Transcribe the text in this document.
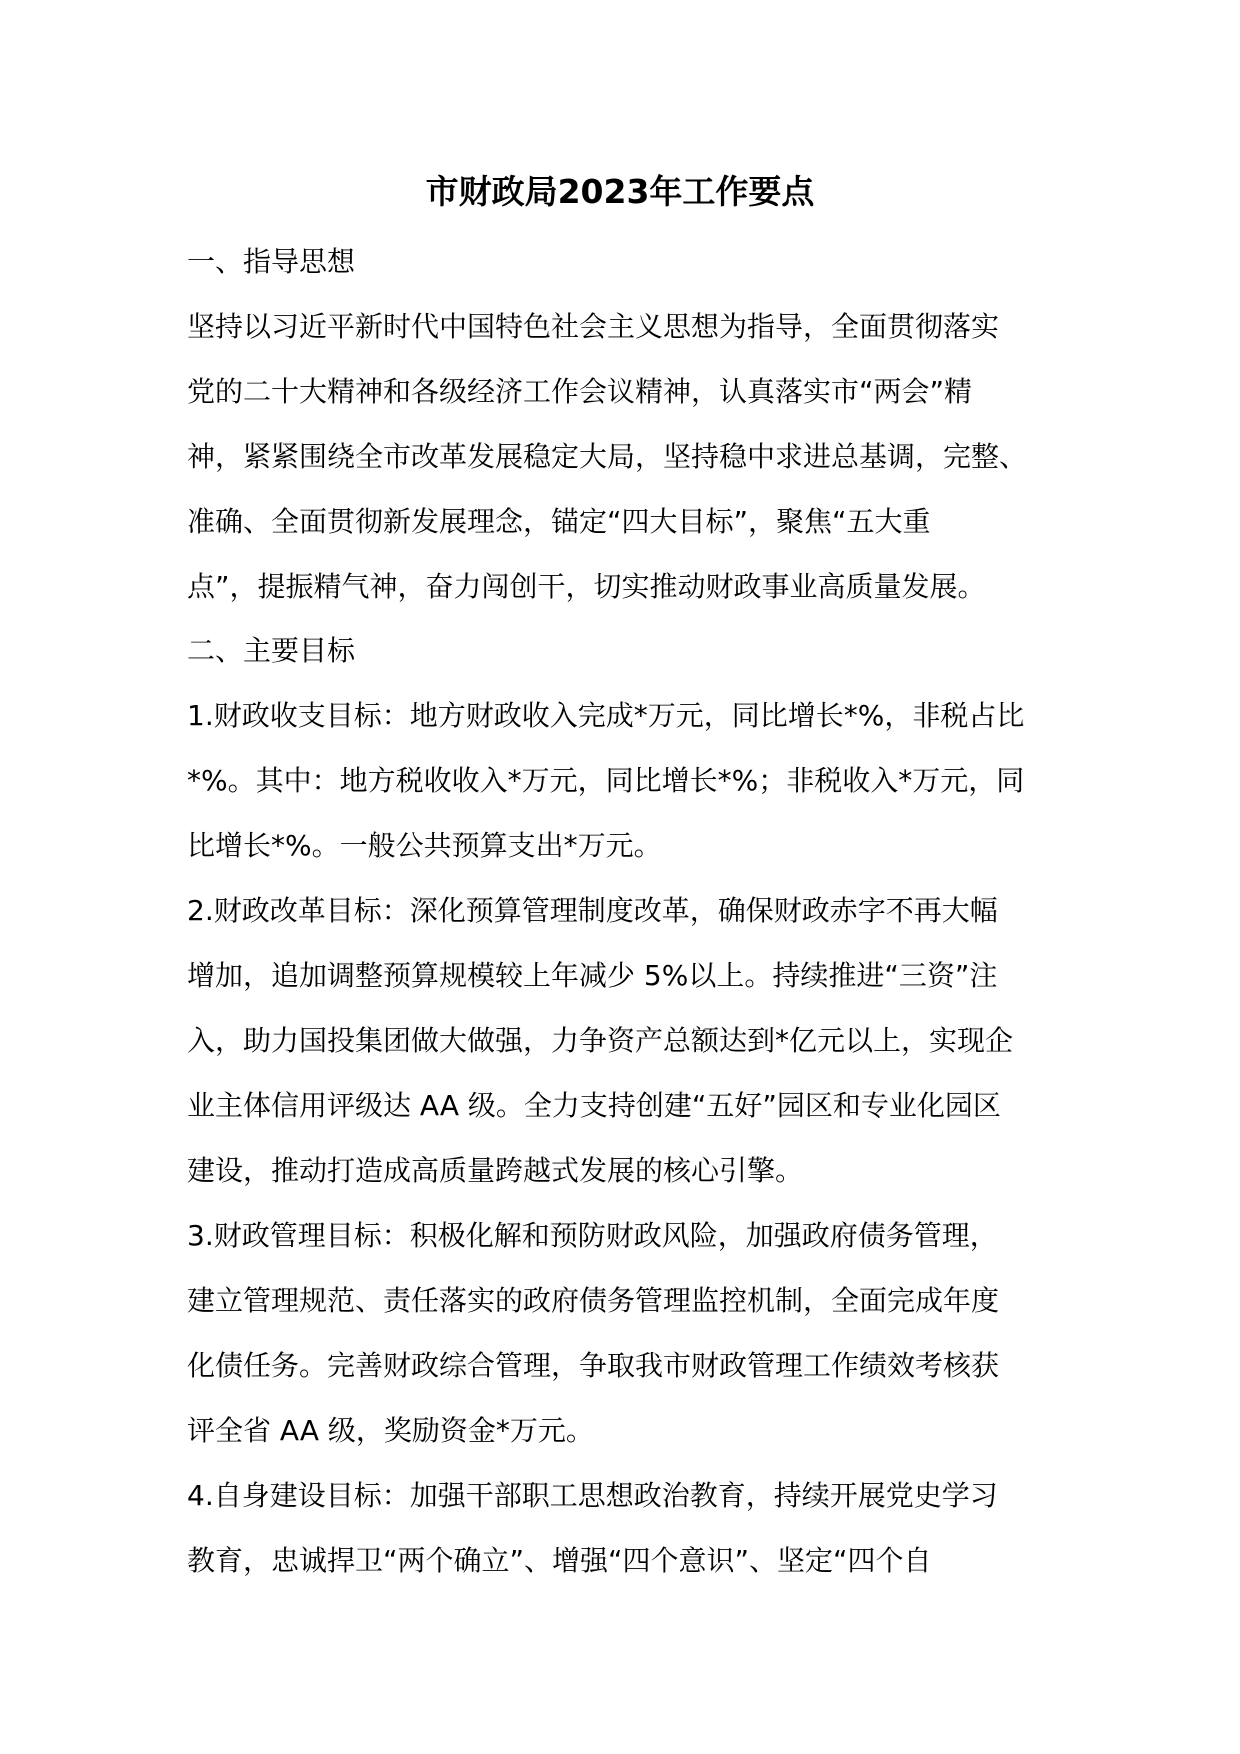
市财政局2023年工作要点

一、指导思想

坚持以习近平新时代中国特色社会主义思想为指导，全面贯彻落实

党的二十大精神和各级经济工作会议精神，认真落实市“两会”精

神，紧紧围绕全市改革发展稳定大局，坚持稳中求进总基调，完整、

准确、全面贯彻新发展理念，锚定“四大目标”，聚焦“五大重

点”，提振精气神，奋力闯创干，切实推动财政事业高质量发展。

二、主要目标

1.财政收支目标：地方财政收入完成*万元，同比增长*%，非税占比

*%。其中：地方税收收入*万元，同比增长*%；非税收入*万元，同

比增长*%。一般公共预算支出*万元。

2.财政改革目标：深化预算管理制度改革，确保财政赤字不再大幅

增加，追加调整预算规模较上年减少 5%以上。持续推进“三资”注

入，助力国投集团做大做强，力争资产总额达到*亿元以上，实现企

业主体信用评级达 AA 级。全力支持创建“五好”园区和专业化园区

建设，推动打造成高质量跨越式发展的核心引擎。

3.财政管理目标：积极化解和预防财政风险，加强政府债务管理，

建立管理规范、责任落实的政府债务管理监控机制，全面完成年度

化债任务。完善财政综合管理，争取我市财政管理工作绩效考核获

评全省 AA 级，奖励资金*万元。

4.自身建设目标：加强干部职工思想政治教育，持续开展党史学习

教育，忠诚捍卫“两个确立”、增强“四个意识”、坚定“四个自
